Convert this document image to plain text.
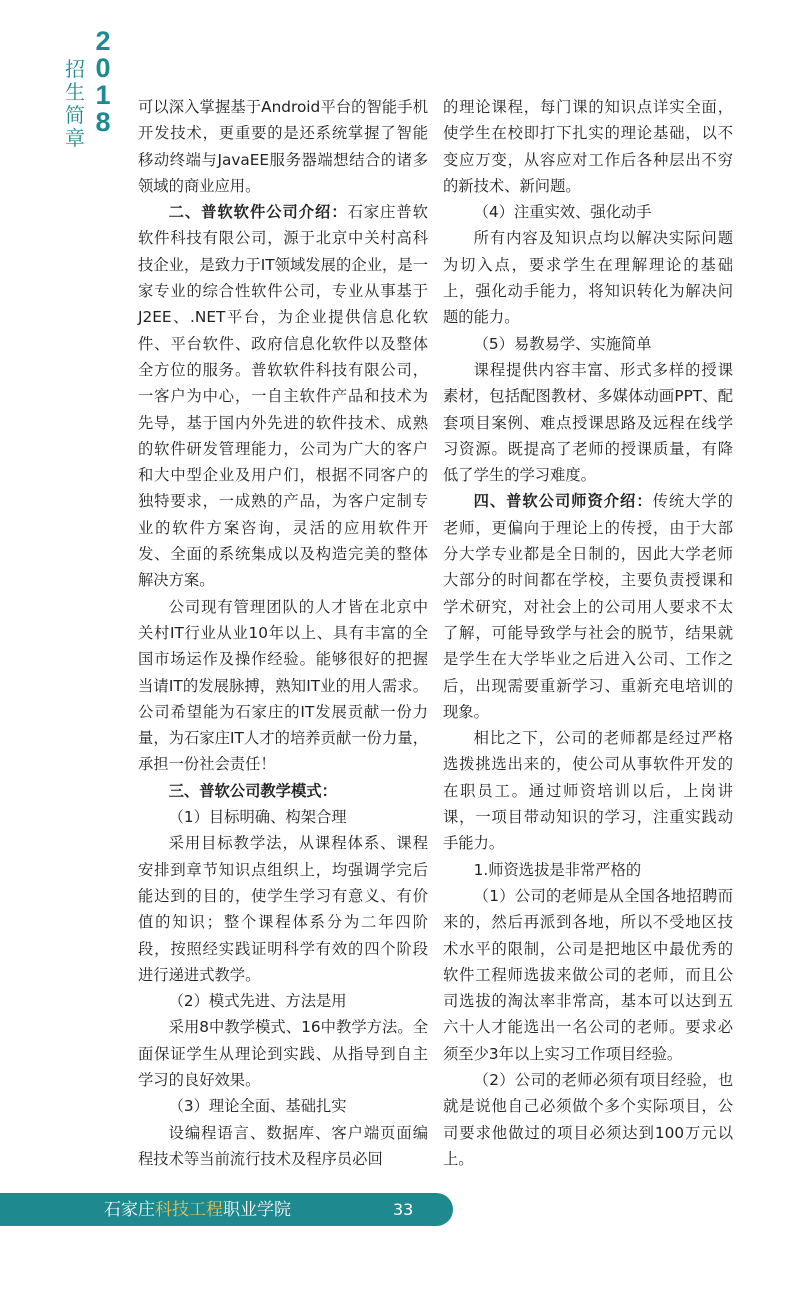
2
0
1
8
招
生
简
章

可以深入掌握基于Android平台的智能手机开发技术，更重要的是还系统掌握了智能移动终端与JavaEE服务器端想结合的诸多领域的商业应用。

二、普软软件公司介绍：石家庄普软软件科技有限公司，源于北京中关村高科技企业，是致力于IT领域发展的企业，是一家专业的综合性软件公司，专业从事基于J2EE、.NET平台，为企业提供信息化软件、平台软件、政府信息化软件以及整体全方位的服务。普软软件科技有限公司，一客户为中心，一自主软件产品和技术为先导，基于国内外先进的软件技术、成熟的软件研发管理能力，公司为广大的客户和大中型企业及用户们，根据不同客户的独特要求，一成熟的产品，为客户定制专业的软件方案咨询，灵活的应用软件开发、全面的系统集成以及构造完美的整体解决方案。

公司现有管理团队的人才皆在北京中关村IT行业从业10年以上、具有丰富的全国市场运作及操作经验。能够很好的把握当请IT的发展脉搏，熟知IT业的用人需求。公司希望能为石家庄的IT发展贡献一份力量，为石家庄IT人才的培养贡献一份力量，承担一份社会责任！

三、普软公司教学模式：

（1）目标明确、构架合理

采用目标教学法，从课程体系、课程安排到章节知识点组织上，均强调学完后能达到的目的，使学生学习有意义、有价值的知识；整个课程体系分为二年四阶段，按照经实践证明科学有效的四个阶段进行递进式教学。

（2）模式先进、方法是用

采用8中教学模式、16中教学方法。全面保证学生从理论到实践、从指导到自主学习的良好效果。

（3）理论全面、基础扎实

设编程语言、数据库、客户端页面编程技术等当前流行技术及程序员必回

的理论课程，每门课的知识点详实全面，使学生在校即打下扎实的理论基础，以不变应万变，从容应对工作后各种层出不穷的新技术、新问题。

（4）注重实效、强化动手

所有内容及知识点均以解决实际问题为切入点，要求学生在理解理论的基础上，强化动手能力，将知识转化为解决问题的能力。

（5）易教易学、实施简单

课程提供内容丰富、形式多样的授课素材，包括配图教材、多媒体动画PPT、配套项目案例、难点授课思路及远程在线学习资源。既提高了老师的授课质量，有降低了学生的学习难度。

四、普软公司师资介绍：传统大学的老师，更偏向于理论上的传授，由于大部分大学专业都是全日制的，因此大学老师大部分的时间都在学校，主要负责授课和学术研究，对社会上的公司用人要求不太了解，可能导致学与社会的脱节，结果就是学生在大学毕业之后进入公司、工作之后，出现需要重新学习、重新充电培训的现象。

相比之下，公司的老师都是经过严格选拨挑选出来的，使公司从事软件开发的在职员工。通过师资培训以后，上岗讲课，一项目带动知识的学习，注重实践动手能力。

1.师资选拔是非常严格的

（1）公司的老师是从全国各地招聘而来的，然后再派到各地，所以不受地区技术水平的限制，公司是把地区中最优秀的软件工程师选拔来做公司的老师，而且公司选拔的淘汰率非常高，基本可以达到五六十人才能选出一名公司的老师。要求必须至少3年以上实习工作项目经验。

（2）公司的老师必须有项目经验，也就是说他自己必须做个多个实际项目，公司要求他做过的项目必须达到100万元以上。

石家庄科技工程职业学院	33
